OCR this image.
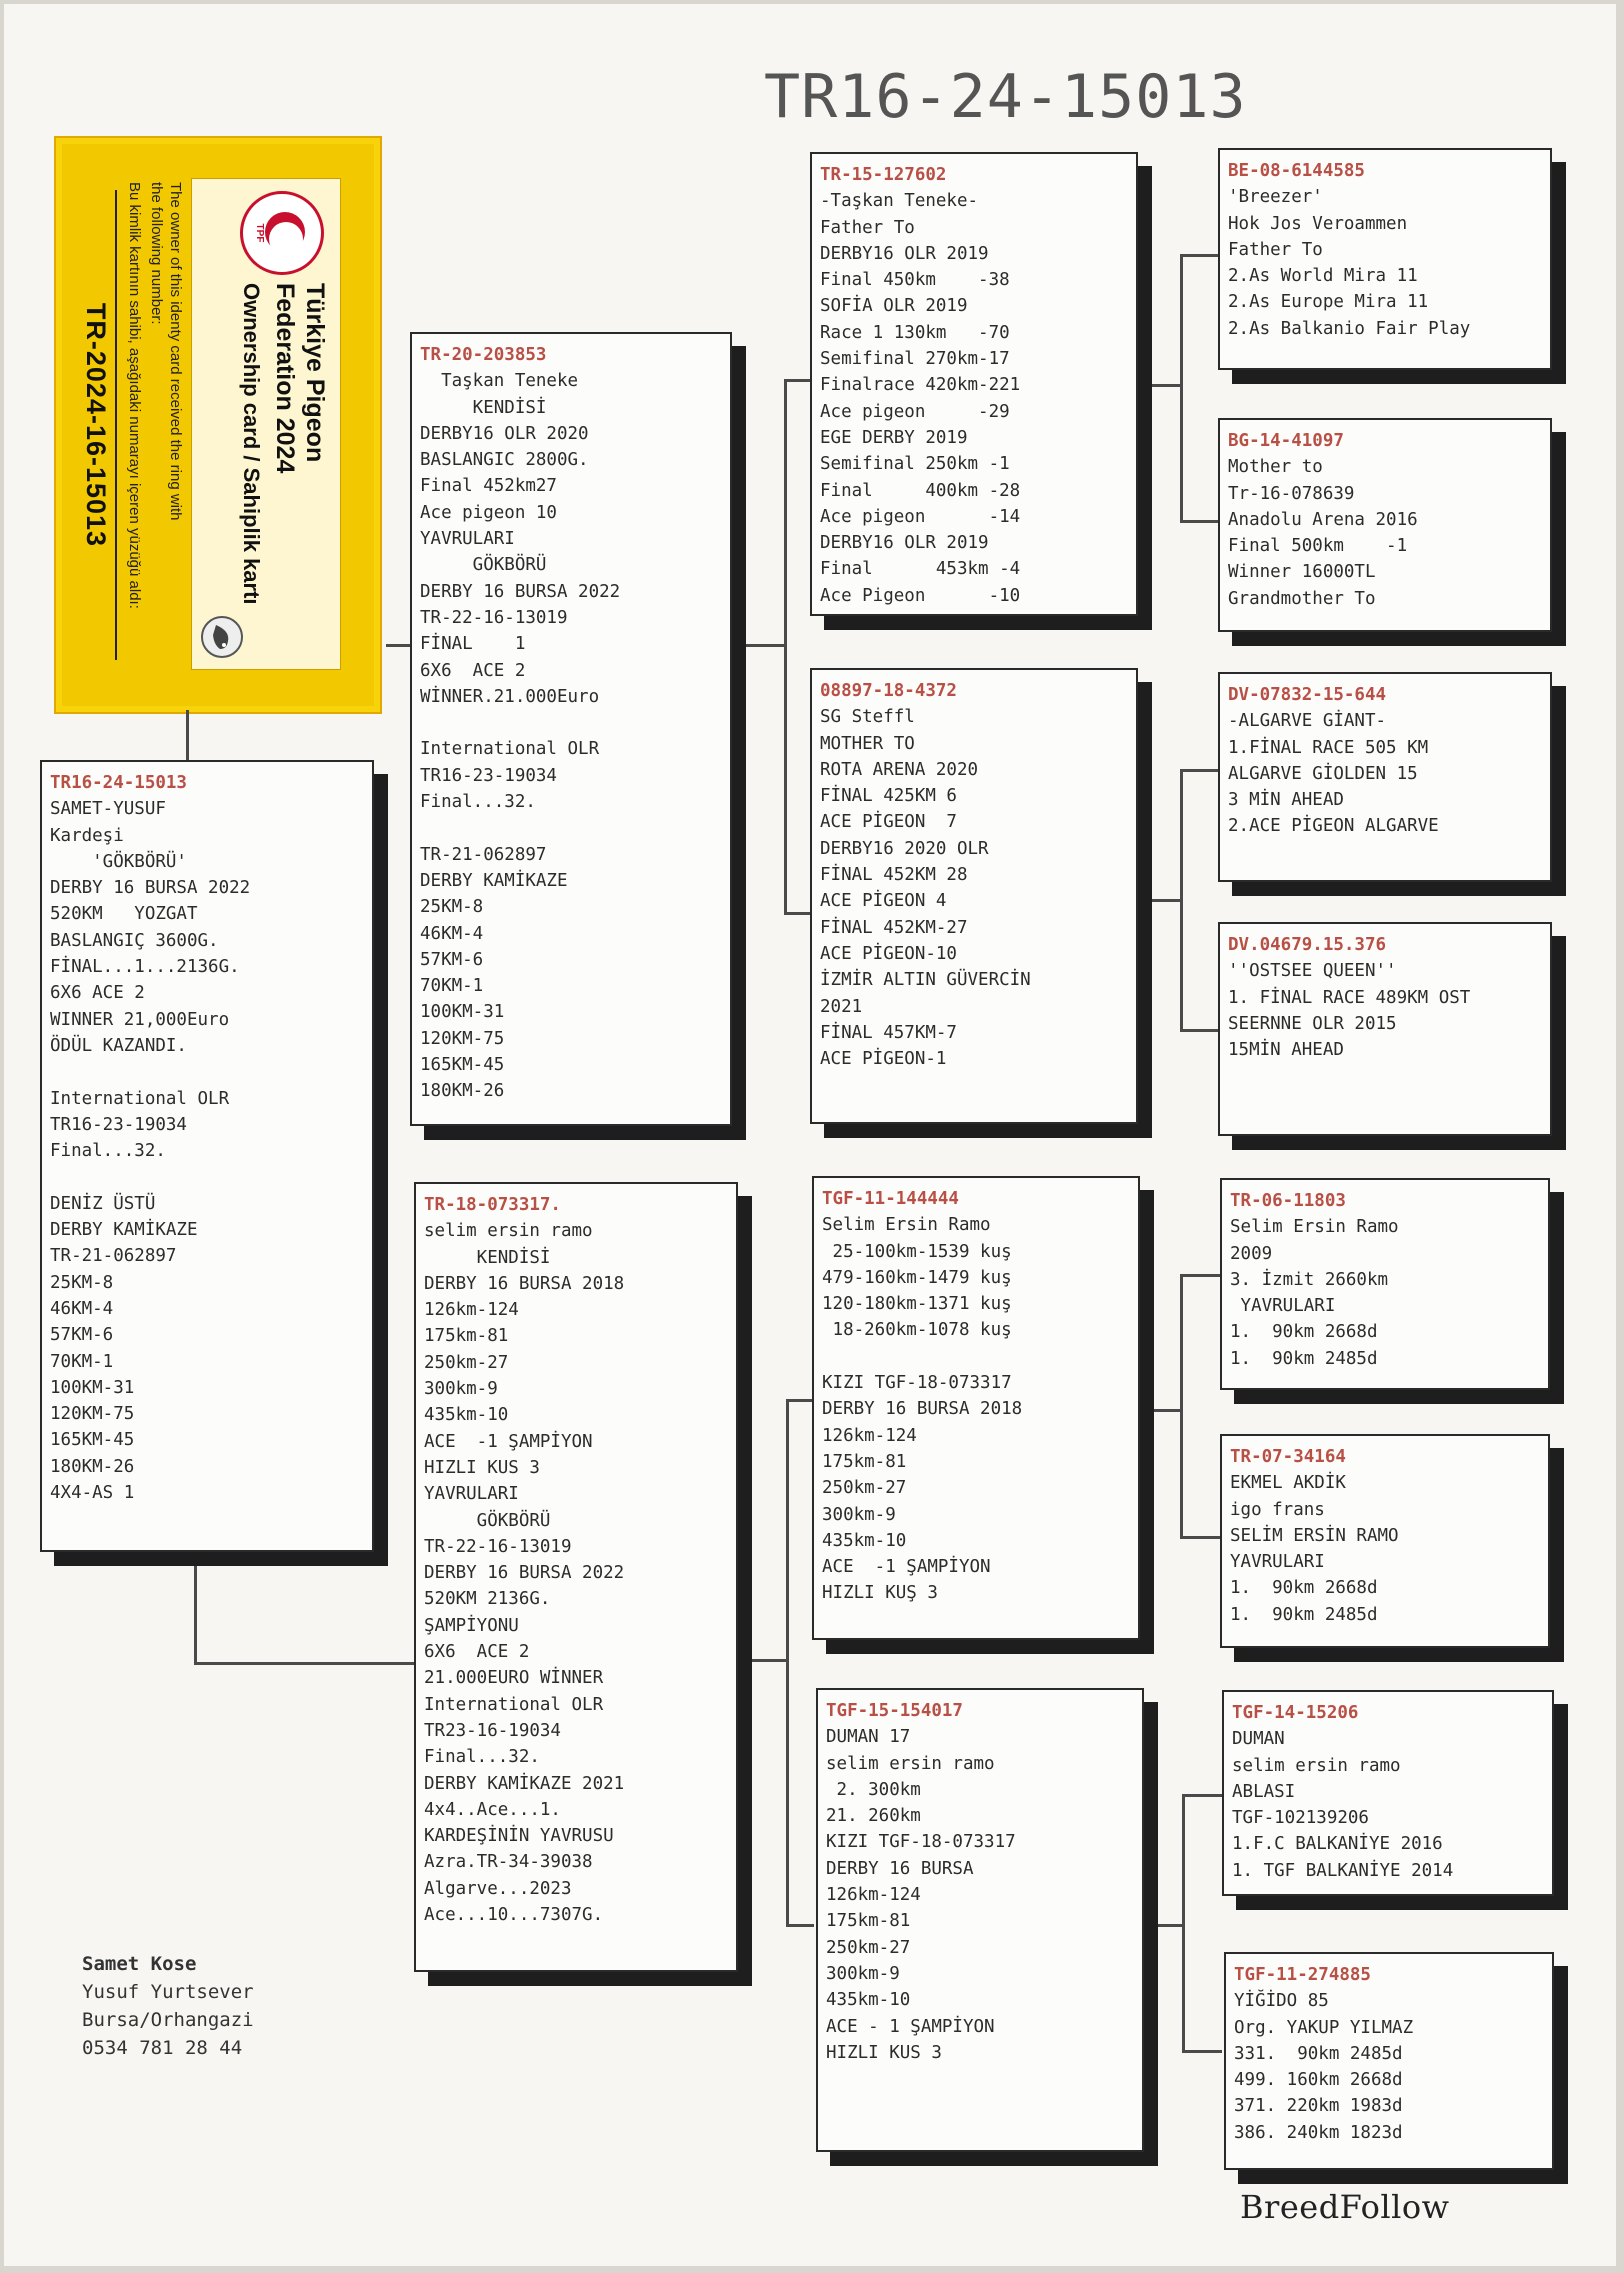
TR16-24-15013
TPF
Türkiye Pigeon
Federation 2024
Ownership card / Sahiplik kartı
The owner of this identy card received the ring with
the following number:
Bu kimlik kartının sahibi, aşağıdaki numarayı içeren yüzüğü aldı:
TR-2024-16-15013
TR16-24-15013
SAMET-YUSUF
Kardeşi
'GÖKBÖRÜ'
DERBY 16 BURSA 2022
520KM   YOZGAT
BASLANGIÇ 3600G.
FİNAL...1...2136G.
6X6 ACE 2
WINNER 21,000Euro
ÖDÜL KAZANDI.

International OLR
TR16-23-19034
Final...32.

DENİZ ÜSTÜ
DERBY KAMİKAZE
TR-21-062897
25KM-8
46KM-4
57KM-6
70KM-1
100KM-31
120KM-75
165KM-45
180KM-26
4X4-AS 1
TR-20-203853
Taşkan Teneke
KENDİSİ
DERBY16 OLR 2020
BASLANGIC 2800G.
Final 452km27
Ace pigeon 10
YAVRULARI
GÖKBÖRÜ
DERBY 16 BURSA 2022
TR-22-16-13019
FİNAL    1
6X6  ACE 2
WİNNER.21.000Euro

International OLR
TR16-23-19034
Final...32.

TR-21-062897
DERBY KAMİKAZE
25KM-8
46KM-4
57KM-6
70KM-1
100KM-31
120KM-75
165KM-45
180KM-26
TR-18-073317.
selim ersin ramo
KENDİSİ
DERBY 16 BURSA 2018
126km-124
175km-81
250km-27
300km-9
435km-10
ACE  -1 ŞAMPİYON
HIZLI KUS 3
YAVRULARI
GÖKBÖRÜ
TR-22-16-13019
DERBY 16 BURSA 2022
520KM 2136G.
ŞAMPİYONU
6X6  ACE 2
21.000EURO WİNNER
International OLR
TR23-16-19034
Final...32.
DERBY KAMİKAZE 2021
4x4..Ace...1.
KARDEŞİNİN YAVRUSU
Azra.TR-34-39038
Algarve...2023
Ace...10...7307G.
TR-15-127602
-Taşkan Teneke-
Father To
DERBY16 OLR 2019
Final 450km    -38
SOFİA OLR 2019
Race 1 130km   -70
Semifinal 270km-17
Finalrace 420km-221
Ace pigeon     -29
EGE DERBY 2019
Semifinal 250km -1
Final     400km -28
Ace pigeon      -14
DERBY16 OLR 2019
Final      453km -4
Ace Pigeon      -10
08897-18-4372
SG Steffl
MOTHER TO
ROTA ARENA 2020
FİNAL 425KM 6
ACE PİGEON  7
DERBY16 2020 OLR
FİNAL 452KM 28
ACE PİGEON 4
FİNAL 452KM-27
ACE PİGEON-10
İZMİR ALTIN GÜVERCİN
2021
FİNAL 457KM-7
ACE PİGEON-1
TGF-11-144444
Selim Ersin Ramo
25-100km-1539 kuş
479-160km-1479 kuş
120-180km-1371 kuş
18-260km-1078 kuş

KIZI TGF-18-073317
DERBY 16 BURSA 2018
126km-124
175km-81
250km-27
300km-9
435km-10
ACE  -1 ŞAMPİYON
HIZLI KUŞ 3
TGF-15-154017
DUMAN 17
selim ersin ramo
2. 300km
21. 260km
KIZI TGF-18-073317
DERBY 16 BURSA
126km-124
175km-81
250km-27
300km-9
435km-10
ACE - 1 ŞAMPİYON
HIZLI KUS 3
BE-08-6144585
'Breezer'
Hok Jos Veroammen
Father To
2.As World Mira 11
2.As Europe Mira 11
2.As Balkanio Fair Play
BG-14-41097
Mother to
Tr-16-078639
Anadolu Arena 2016
Final 500km    -1
Winner 16000TL
Grandmother To
DV-07832-15-644
-ALGARVE GİANT-
1.FİNAL RACE 505 KM
ALGARVE GİOLDEN 15
3 MİN AHEAD
2.ACE PİGEON ALGARVE
DV.04679.15.376
''OSTSEE QUEEN''
1. FİNAL RACE 489KM OST
SEERNNE OLR 2015
15MİN AHEAD
TR-06-11803
Selim Ersin Ramo
2009
3. İzmit 2660km
YAVRULARI
1.  90km 2668d
1.  90km 2485d
TR-07-34164
EKMEL AKDİK
igo frans
SELİM ERSİN RAMO
YAVRULARI
1.  90km 2668d
1.  90km 2485d
TGF-14-15206
DUMAN
selim ersin ramo
ABLASI
TGF-102139206
1.F.C BALKANİYE 2016
1. TGF BALKANİYE 2014
TGF-11-274885
YİĞİDO 85
Org. YAKUP YILMAZ
331.  90km 2485d
499. 160km 2668d
371. 220km 1983d
386. 240km 1823d
Samet Kose
Yusuf Yurtsever
Bursa/Orhangazi
0534 781 28 44
BreedFollow
